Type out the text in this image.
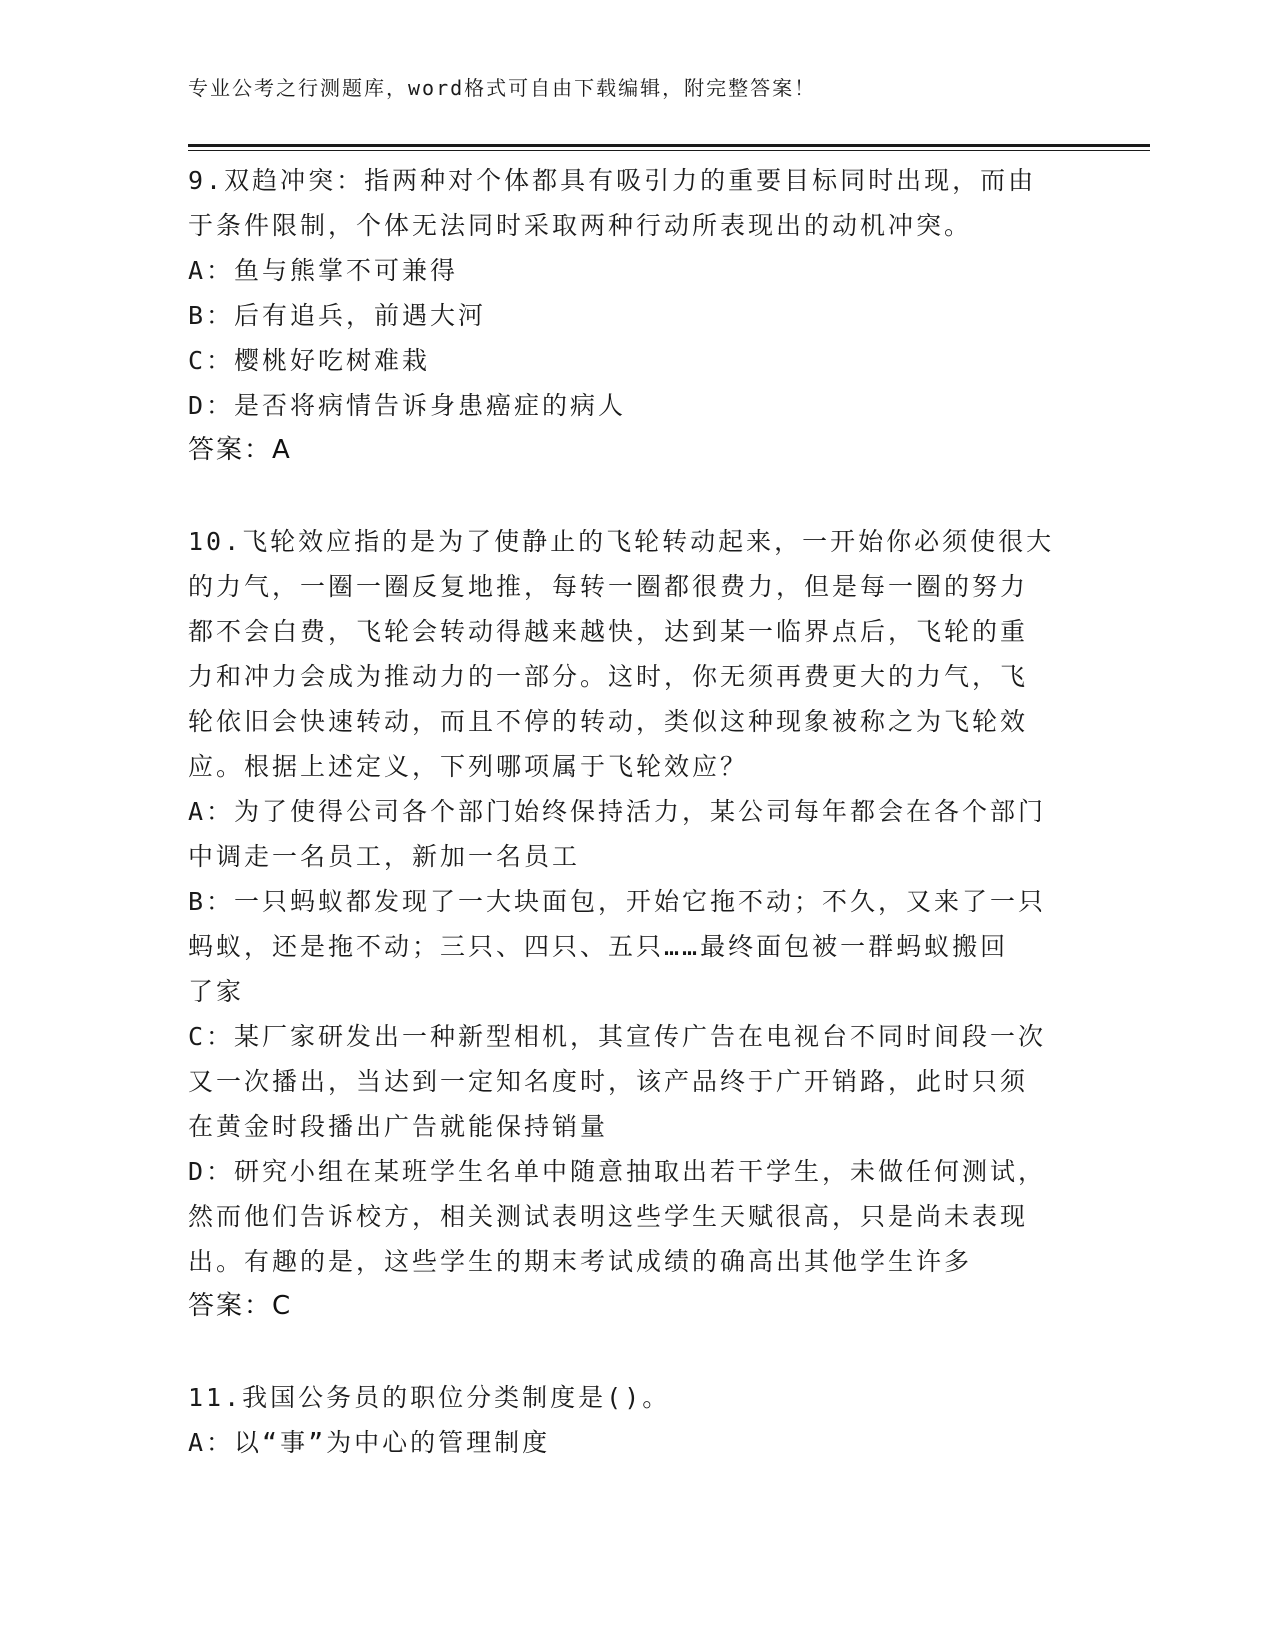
专业公考之行测题库，word格式可自由下载编辑，附完整答案！
9.双趋冲突：指两种对个体都具有吸引力的重要目标同时出现，而由
于条件限制，个体无法同时采取两种行动所表现出的动机冲突。
A：鱼与熊掌不可兼得
B：后有追兵，前遇大河
C：樱桃好吃树难栽
D：是否将病情告诉身患癌症的病人
答案：A
10.飞轮效应指的是为了使静止的飞轮转动起来，一开始你必须使很大
的力气，一圈一圈反复地推，每转一圈都很费力，但是每一圈的努力
都不会白费，飞轮会转动得越来越快，达到某一临界点后，飞轮的重
力和冲力会成为推动力的一部分。这时，你无须再费更大的力气，飞
轮依旧会快速转动，而且不停的转动，类似这种现象被称之为飞轮效
应。根据上述定义，下列哪项属于飞轮效应？
A：为了使得公司各个部门始终保持活力，某公司每年都会在各个部门
中调走一名员工，新加一名员工
B：一只蚂蚁都发现了一大块面包，开始它拖不动；不久，又来了一只
蚂蚁，还是拖不动；三只、四只、五只……最终面包被一群蚂蚁搬回
了家
C：某厂家研发出一种新型相机，其宣传广告在电视台不同时间段一次
又一次播出，当达到一定知名度时，该产品终于广开销路，此时只须
在黄金时段播出广告就能保持销量
D：研究小组在某班学生名单中随意抽取出若干学生，未做任何测试，
然而他们告诉校方，相关测试表明这些学生天赋很高，只是尚未表现
出。有趣的是，这些学生的期末考试成绩的确高出其他学生许多
答案：C
11.我国公务员的职位分类制度是()。
A：以“事”为中心的管理制度
